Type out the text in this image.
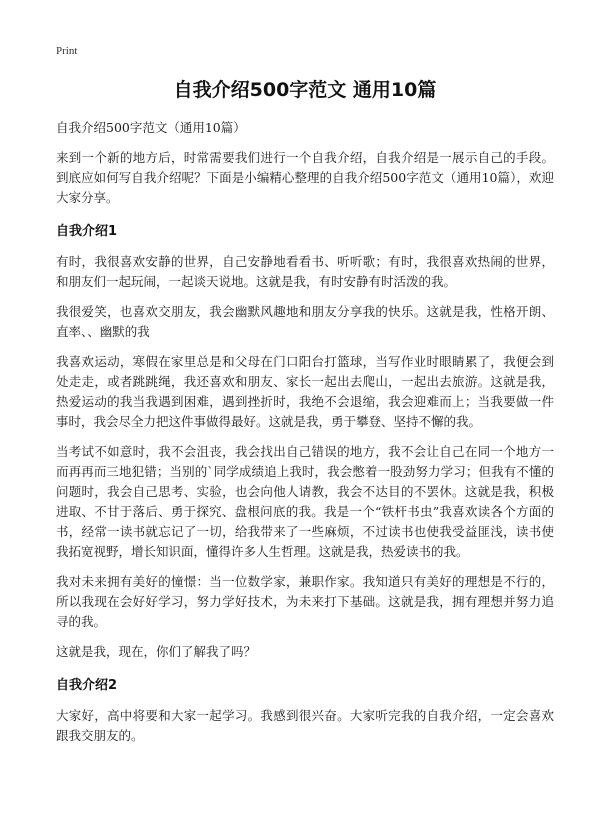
Print

自我介绍500字范文 通用10篇

自我介绍500字范文（通用10篇）

来到一个新的地方后，时常需要我们进行一个自我介绍，自我介绍是一展示自己的手段。到底应如何写自我介绍呢？下面是小编精心整理的自我介绍500字范文（通用10篇），欢迎大家分享。

自我介绍1

有时，我很喜欢安静的世界，自己安静地看看书、听听歌；有时，我很喜欢热闹的世界，和朋友们一起玩闹，一起谈天说地。这就是我，有时安静有时活泼的我。

我很爱笑，也喜欢交朋友，我会幽默风趣地和朋友分享我的快乐。这就是我，性格开朗、直率、、幽默的我

我喜欢运动，寒假在家里总是和父母在门口阳台打篮球，当写作业时眼睛累了，我便会到处走走，或者跳跳绳，我还喜欢和朋友、家长一起出去爬山，一起出去旅游。这就是我，热爱运动的我当我遇到困难，遇到挫折时，我绝不会退缩，我会迎难而上；当我要做一件事时，我会尽全力把这件事做得最好。这就是我，勇于攀登、坚持不懈的我。

当考试不如意时，我不会沮丧，我会找出自己错误的地方，我不会让自己在同一个地方一而再再而三地犯错；当别的`同学成绩追上我时，我会憋着一股劲努力学习；但我有不懂的问题时，我会自己思考、实验，也会向他人请教，我会不达目的不罢休。这就是我，积极进取、不甘于落后、勇于探究、盘根问底的我。我是一个“铁杆书虫”我喜欢读各个方面的书，经常一读书就忘记了一切，给我带来了一些麻烦，不过读书也使我受益匪浅，读书使我拓宽视野，增长知识面，懂得许多人生哲理。这就是我，热爱读书的我。

我对未来拥有美好的憧憬：当一位数学家，兼职作家。我知道只有美好的理想是不行的，所以我现在会好好学习，努力学好技术，为未来打下基础。这就是我，拥有理想并努力追寻的我。

这就是我，现在，你们了解我了吗？

自我介绍2

大家好，高中将要和大家一起学习。我感到很兴奋。大家听完我的自我介绍，一定会喜欢跟我交朋友的。
